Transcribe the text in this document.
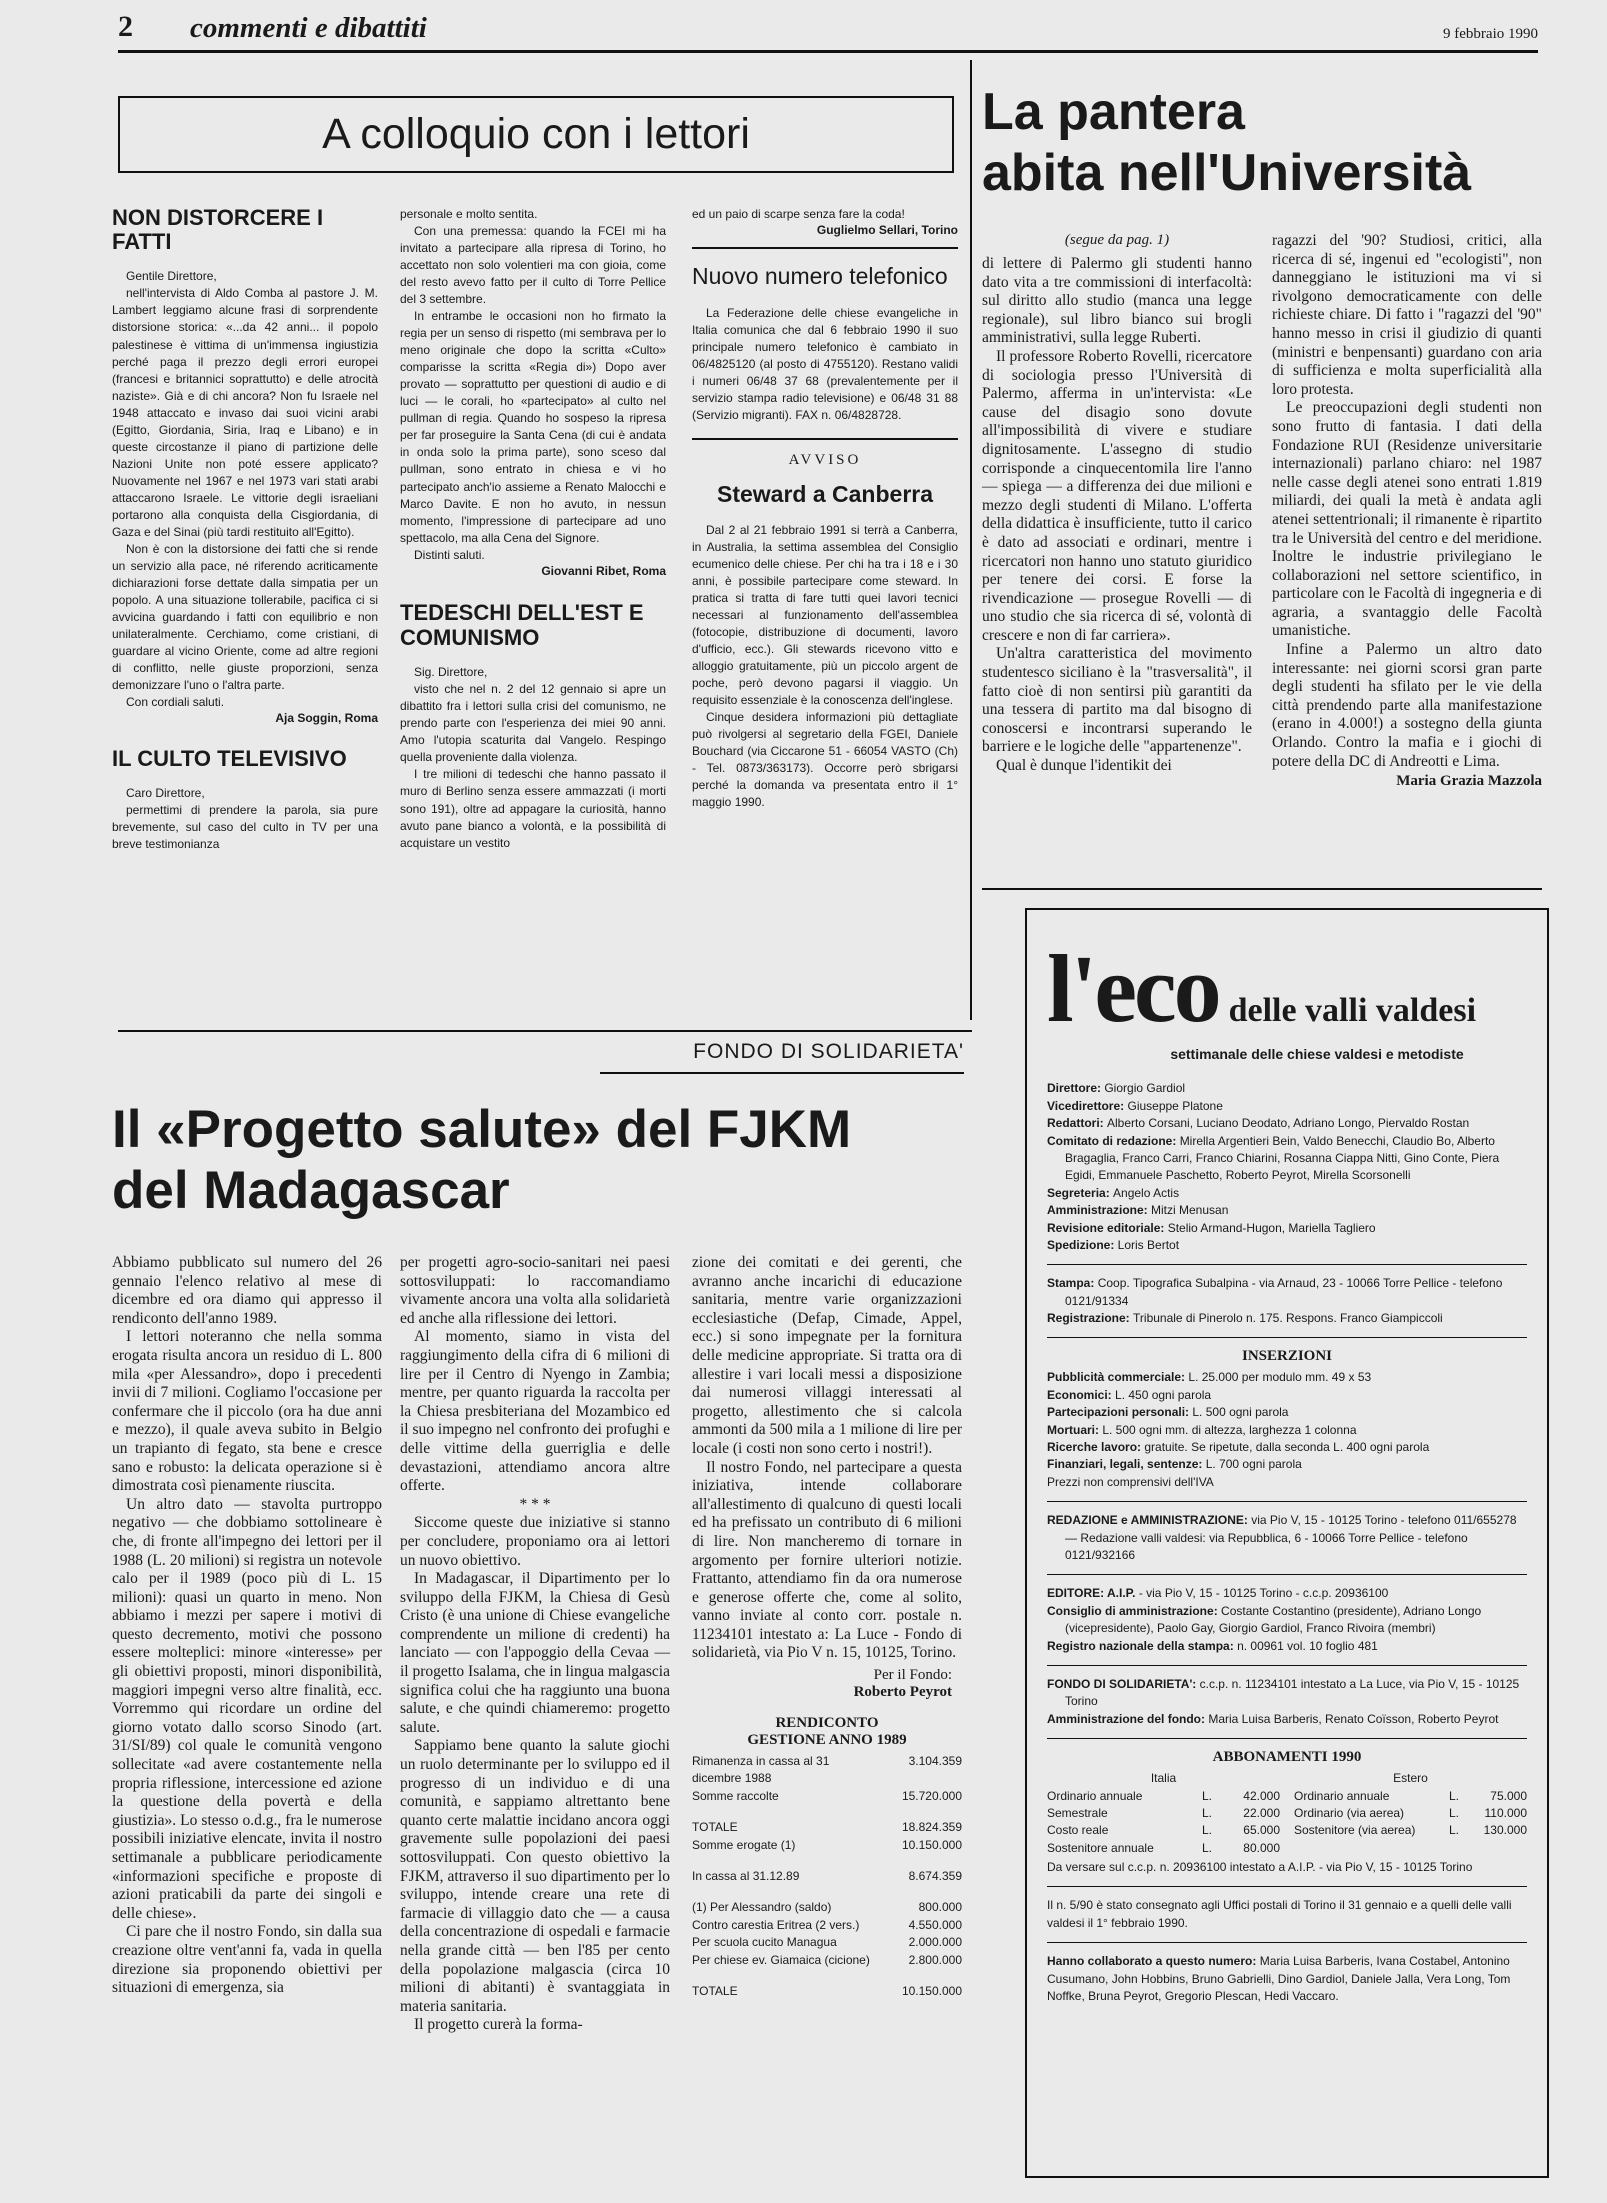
2 commenti e dibattiti	9 febbraio 1990
A colloquio con i lettori
NON DISTORCERE I FATTI

Gentile Direttore,

nell'intervista di Aldo Comba al pastore J. M. Lambert leggiamo alcune frasi di sorprendente distorsione storica: «...da 42 anni... il popolo palestinese è vittima di un'immensa ingiustizia perché paga il prezzo degli errori europei (francesi e britannici soprattutto) e delle atrocità naziste». Già e di chi ancora? Non fu Israele nel 1948 attaccato e invaso dai suoi vicini arabi (Egitto, Giordania, Siria, Iraq e Libano) e in queste circostanze il piano di partizione delle Nazioni Unite non poté essere applicato? Nuovamente nel 1967 e nel 1973 vari stati arabi attaccarono Israele. Le vittorie degli israeliani portarono alla conquista della Cisgiordania, di Gaza e del Sinai (più tardi restituito all'Egitto).

Non è con la distorsione dei fatti che si rende un servizio alla pace, né riferendo acriticamente dichiarazioni forse dettate dalla simpatia per un popolo. A una situazione tollerabile, pacifica ci si avvicina guardando i fatti con equilibrio e non unilateralmente. Cerchiamo, come cristiani, di guardare al vicino Oriente, come ad altre regioni di conflitto, nelle giuste proporzioni, senza demonizzare l'uno o l'altra parte.

Con cordiali saluti.

Aja Soggin, Roma
IL CULTO TELEVISIVO

Caro Direttore,

permettimi di prendere la parola, sia pure brevemente, sul caso del culto in TV per una breve testimonianza

personale e molto sentita.

Con una premessa: quando la FCEI mi ha invitato a partecipare alla ripresa di Torino, ho accettato non solo volentieri ma con gioia, come del resto avevo fatto per il culto di Torre Pellice del 3 settembre.

In entrambe le occasioni non ho firmato la regia per un senso di rispetto (mi sembrava per lo meno originale che dopo la scritta «Culto» comparisse la scritta «Regia di») Dopo aver provato — soprattutto per questioni di audio e di luci — le corali, ho «partecipato» al culto nel pullman di regia. Quando ho sospeso la ripresa per far proseguire la Santa Cena (di cui è andata in onda solo la prima parte), sono sceso dal pullman, sono entrato in chiesa e vi ho partecipato anch'io assieme a Renato Malocchi e Marco Davite. E non ho avuto, in nessun momento, l'impressione di partecipare ad uno spettacolo, ma alla Cena del Signore.

Distinti saluti.

Giovanni Ribet, Roma
TEDESCHI DELL'EST E COMUNISMO

Sig. Direttore,

visto che nel n. 2 del 12 gennaio si apre un dibattito fra i lettori sulla crisi del comunismo, ne prendo parte con l'esperienza dei miei 90 anni. Amo l'utopia scaturita dal Vangelo. Respingo quella proveniente dalla violenza.

I tre milioni di tedeschi che hanno passato il muro di Berlino senza essere ammazzati (i morti sono 191), oltre ad appagare la curiosità, hanno avuto pane bianco a volontà, e la possibilità di acquistare un vestito

ed un paio di scarpe senza fare la coda!

Guglielmo Sellari, Torino
Nuovo numero telefonico

La Federazione delle chiese evangeliche in Italia comunica che dal 6 febbraio 1990 il suo principale numero telefonico è cambiato in 06/4825120 (al posto di 4755120). Restano validi i numeri 06/48 37 68 (prevalentemente per il servizio stampa radio televisione) e 06/48 31 88 (Servizio migranti). FAX n. 06/4828728.

AVVISO
Steward a Canberra

Dal 2 al 21 febbraio 1991 si terrà a Canberra, in Australia, la settima assemblea del Consiglio ecumenico delle chiese. Per chi ha tra i 18 e i 30 anni, è possibile partecipare come steward. In pratica si tratta di fare tutti quei lavori tecnici necessari al funzionamento dell'assemblea (fotocopie, distribuzione di documenti, lavoro d'ufficio, ecc.). Gli stewards ricevono vitto e alloggio gratuitamente, più un piccolo argent de poche, però devono pagarsi il viaggio. Un requisito essenziale è la conoscenza dell'inglese.

Cinque desidera informazioni più dettagliate può rivolgersi al segretario della FGEI, Daniele Bouchard (via Ciccarone 51 - 66054 VASTO (Ch) - Tel. 0873/363173). Occorre però sbrigarsi perché la domanda va presentata entro il 1° maggio 1990.

La pantera
abita nell'Università
(segue da pag. 1)

di lettere di Palermo gli studenti hanno dato vita a tre commissioni di interfacoltà: sul diritto allo studio (manca una legge regionale), sul libro bianco sui brogli amministrativi, sulla legge Ruberti.

Il professore Roberto Rovelli, ricercatore di sociologia presso l'Università di Palermo, afferma in un'intervista: «Le cause del disagio sono dovute all'impossibilità di vivere e studiare dignitosamente. L'assegno di studio corrisponde a cinquecentomila lire l'anno — spiega — a differenza dei due milioni e mezzo degli studenti di Milano. L'offerta della didattica è insufficiente, tutto il carico è dato ad associati e ordinari, mentre i ricercatori non hanno uno statuto giuridico per tenere dei corsi. E forse la rivendicazione — prosegue Rovelli — di uno studio che sia ricerca di sé, volontà di crescere e non di far carriera».

Un'altra caratteristica del movimento studentesco siciliano è la "trasversalità", il fatto cioè di non sentirsi più garantiti da una tessera di partito ma dal bisogno di conoscersi e incontrarsi superando le barriere e le logiche delle "appartenenze".

Qual è dunque l'identikit dei

ragazzi del '90? Studiosi, critici, alla ricerca di sé, ingenui ed "ecologisti", non danneggiano le istituzioni ma vi si rivolgono democraticamente con delle richieste chiare. Di fatto i "ragazzi del '90" hanno messo in crisi il giudizio di quanti (ministri e benpensanti) guardano con aria di sufficienza e molta superficialità alla loro protesta.

Le preoccupazioni degli studenti non sono frutto di fantasia. I dati della Fondazione RUI (Residenze universitarie internazionali) parlano chiaro: nel 1987 nelle casse degli atenei sono entrati 1.819 miliardi, dei quali la metà è andata agli atenei settentrionali; il rimanente è ripartito tra le Università del centro e del meridione. Inoltre le industrie privilegiano le collaborazioni nel settore scientifico, in particolare con le Facoltà di ingegneria e di agraria, a svantaggio delle Facoltà umanistiche.

Infine a Palermo un altro dato interessante: nei giorni scorsi gran parte degli studenti ha sfilato per le vie della città prendendo parte alla manifestazione (erano in 4.000!) a sostegno della giunta Orlando. Contro la mafia e i giochi di potere della DC di Andreotti e Lima.

Maria Grazia Mazzola
FONDO DI SOLIDARIETA'
Il «Progetto salute» del FJKM
del Madagascar

Abbiamo pubblicato sul numero del 26 gennaio l'elenco relativo al mese di dicembre ed ora diamo qui appresso il rendiconto dell'anno 1989.

I lettori noteranno che nella somma erogata risulta ancora un residuo di L. 800 mila «per Alessandro», dopo i precedenti invii di 7 milioni. Cogliamo l'occasione per confermare che il piccolo (ora ha due anni e mezzo), il quale aveva subito in Belgio un trapianto di fegato, sta bene e cresce sano e robusto: la delicata operazione si è dimostrata così pienamente riuscita.

Un altro dato — stavolta purtroppo negativo — che dobbiamo sottolineare è che, di fronte all'impegno dei lettori per il 1988 (L. 20 milioni) si registra un notevole calo per il 1989 (poco più di L. 15 milioni): quasi un quarto in meno. Non abbiamo i mezzi per sapere i motivi di questo decremento, motivi che possono essere molteplici: minore «interesse» per gli obiettivi proposti, minori disponibilità, maggiori impegni verso altre finalità, ecc. Vorremmo qui ricordare un ordine del giorno votato dallo scorso Sinodo (art. 31/SI/89) col quale le comunità vengono sollecitate «ad avere costantemente nella propria riflessione, intercessione ed azione la questione della povertà e della giustizia». Lo stesso o.d.g., fra le numerose possibili iniziative elencate, invita il nostro settimanale a pubblicare periodicamente «informazioni specifiche e proposte di azioni praticabili da parte dei singoli e delle chiese».

Ci pare che il nostro Fondo, sin dalla sua creazione oltre vent'anni fa, vada in quella direzione sia proponendo obiettivi per situazioni di emergenza, sia

per progetti agro-socio-sanitari nei paesi sottosviluppati: lo raccomandiamo vivamente ancora una volta alla solidarietà ed anche alla riflessione dei lettori.

Al momento, siamo in vista del raggiungimento della cifra di 6 milioni di lire per il Centro di Nyengo in Zambia; mentre, per quanto riguarda la raccolta per la Chiesa presbiteriana del Mozambico ed il suo impegno nel confronto dei profughi e delle vittime della guerriglia e delle devastazioni, attendiamo ancora altre offerte.

* * *

Siccome queste due iniziative si stanno per concludere, proponiamo ora ai lettori un nuovo obiettivo.

In Madagascar, il Dipartimento per lo sviluppo della FJKM, la Chiesa di Gesù Cristo (è una unione di Chiese evangeliche comprendente un milione di credenti) ha lanciato — con l'appoggio della Cevaa — il progetto Isalama, che in lingua malgascia significa colui che ha raggiunto una buona salute, e che quindi chiameremo: progetto salute.

Sappiamo bene quanto la salute giochi un ruolo determinante per lo sviluppo ed il progresso di un individuo e di una comunità, e sappiamo altrettanto bene quanto certe malattie incidano ancora oggi gravemente sulle popolazioni dei paesi sottosviluppati. Con questo obiettivo la FJKM, attraverso il suo dipartimento per lo sviluppo, intende creare una rete di farmacie di villaggio dato che — a causa della concentrazione di ospedali e farmacie nella grande città — ben l'85 per cento della popolazione malgascia (circa 10 milioni di abitanti) è svantaggiata in materia sanitaria.

Il progetto curerà la forma-

zione dei comitati e dei gerenti, che avranno anche incarichi di educazione sanitaria, mentre varie organizzazioni ecclesiastiche (Defap, Cimade, Appel, ecc.) si sono impegnate per la fornitura delle medicine appropriate. Si tratta ora di allestire i vari locali messi a disposizione dai numerosi villaggi interessati al progetto, allestimento che si calcola ammonti da 500 mila a 1 milione di lire per locale (i costi non sono certo i nostri!).

Il nostro Fondo, nel partecipare a questa iniziativa, intende collaborare all'allestimento di qualcuno di questi locali ed ha prefissato un contributo di 6 milioni di lire. Non mancheremo di tornare in argomento per fornire ulteriori notizie. Frattanto, attendiamo fin da ora numerose e generose offerte che, come al solito, vanno inviate al conto corr. postale n. 11234101 intestato a: La Luce - Fondo di solidarietà, via Pio V n. 15, 10125, Torino.

Per il Fondo:
Roberto Peyrot
RENDICONTO
GESTIONE ANNO 1989
Rimanenza in cassa al 31 dicembre 1988
3.104.359
Somme raccolte	15.720.000
TOTALE	18.824.359
Somme erogate (1)	10.150.000
In cassa al 31.12.89	8.674.359
(1) Per Alessandro (saldo)	800.000
Contro carestia Eritrea (2 vers.)	4.550.000
Per scuola cucito Managua	2.000.000
Per chiese ev. Giamaica (cicione)	2.800.000
TOTALE	10.150.000
l'eco delle valli valdesi
settimanale delle chiese valdesi e metodiste

Direttore: Giorgio Gardiol

Vicedirettore: Giuseppe Platone

Redattori: Alberto Corsani, Luciano Deodato, Adriano Longo, Piervaldo Rostan

Comitato di redazione: Mirella Argentieri Bein, Valdo Benecchi, Claudio Bo, Alberto Bragaglia, Franco Carri, Franco Chiarini, Rosanna Ciappa Nitti, Gino Conte, Piera Egidi, Emmanuele Paschetto, Roberto Peyrot, Mirella Scorsonelli

Segreteria: Angelo Actis

Amministrazione: Mitzi Menusan

Revisione editoriale: Stelio Armand-Hugon, Mariella Tagliero

Spedizione: Loris Bertot

Stampa: Coop. Tipografica Subalpina - via Arnaud, 23 - 10066 Torre Pellice - telefono 0121/91334

Registrazione: Tribunale di Pinerolo n. 175. Respons. Franco Giampiccoli

INSERZIONI

Pubblicità commerciale: L. 25.000 per modulo mm. 49 x 53

Economici: L. 450 ogni parola

Partecipazioni personali: L. 500 ogni parola

Mortuari: L. 500 ogni mm. di altezza, larghezza 1 colonna

Ricerche lavoro: gratuite. Se ripetute, dalla seconda L. 400 ogni parola

Finanziari, legali, sentenze: L. 700 ogni parola

Prezzi non comprensivi dell'IVA

REDAZIONE e AMMINISTRAZIONE: via Pio V, 15 - 10125 Torino - telefono 011/655278 — Redazione valli valdesi: via Repubblica, 6 - 10066 Torre Pellice - telefono 0121/932166

EDITORE: A.I.P. - via Pio V, 15 - 10125 Torino - c.c.p. 20936100

Consiglio di amministrazione: Costante Costantino (presidente), Adriano Longo (vicepresidente), Paolo Gay, Giorgio Gardiol, Franco Rivoira (membri)

Registro nazionale della stampa: n. 00961 vol. 10 foglio 481

FONDO DI SOLIDARIETA': c.c.p. n. 11234101 intestato a La Luce, via Pio V, 15 - 10125 Torino

Amministrazione del fondo: Maria Luisa Barberis, Renato Coïsson, Roberto Peyrot

ABBONAMENTI 1990
Italia
Ordinario annuale	L.	42.000
Semestrale	L.	22.000
Costo reale	L.	65.000
Sostenitore annuale	L.	80.000
Estero
Ordinario annuale	L.	75.000
Ordinario (via aerea)	L.	110.000
Sostenitore (via aerea)	L.	130.000
Da versare sul c.c.p. n. 20936100 intestato a A.I.P. - via Pio V, 15 - 10125 Torino
Il n. 5/90 è stato consegnato agli Uffici postali di Torino il 31 gennaio e a quelli delle valli valdesi il 1° febbraio 1990.
Hanno collaborato a questo numero: Maria Luisa Barberis, Ivana Costabel, Antonino Cusumano, John Hobbins, Bruno Gabrielli, Dino Gardiol, Daniele Jalla, Vera Long, Tom Noffke, Bruna Peyrot, Gregorio Plescan, Hedi Vaccaro.
